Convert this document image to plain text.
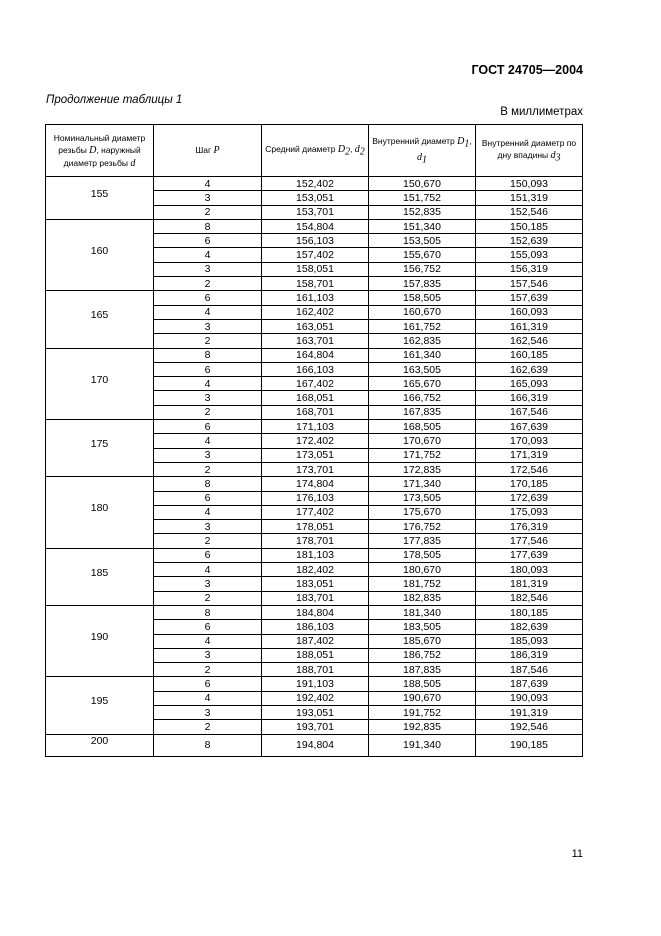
ГОСТ 24705—2004
Продолжение таблицы 1
В миллиметрах
Номинальный диаметр резьбы D, наружный диаметр резьбы d	Шаг P	Средний диаметр $D_2$, $d_2$	Внутренний диаметр $D_1$, $d_1$	Внутренний диаметр по дну впадины $d_3$
155	4	152,402	150,670	150,093
	3	153,051	151,752	151,319
	2	153,701	152,835	152,546
160	8	154,804	151,340	150,185
	6	156,103	153,505	152,639
	4	157,402	155,670	155,093
	3	158,051	156,752	156,319
	2	158,701	157,835	157,546
165	6	161,103	158,505	157,639
	4	162,402	160,670	160,093
	3	163,051	161,752	161,319
	2	163,701	162,835	162,546
170	8	164,804	161,340	160,185
	6	166,103	163,505	162,639
	4	167,402	165,670	165,093
	3	168,051	166,752	166,319
	2	168,701	167,835	167,546
175	6	171,103	168,505	167,639
	4	172,402	170,670	170,093
	3	173,051	171,752	171,319
	2	173,701	172,835	172,546
180	8	174,804	171,340	170,185
	6	176,103	173,505	172,639
	4	177,402	175,670	175,093
	3	178,051	176,752	176,319
	2	178,701	177,835	177,546
185	6	181,103	178,505	177,639
	4	182,402	180,670	180,093
	3	183,051	181,752	181,319
	2	183,701	182,835	182,546
190	8	184,804	181,340	180,185
	6	186,103	183,505	182,639
	4	187,402	185,670	185,093
	3	188,051	186,752	186,319
	2	188,701	187,835	187,546
195	6	191,103	188,505	187,639
	4	192,402	190,670	190,093
	3	193,051	191,752	191,319
	2	193,701	192,835	192,546
200	8	194,804	191,340	190,185
11
